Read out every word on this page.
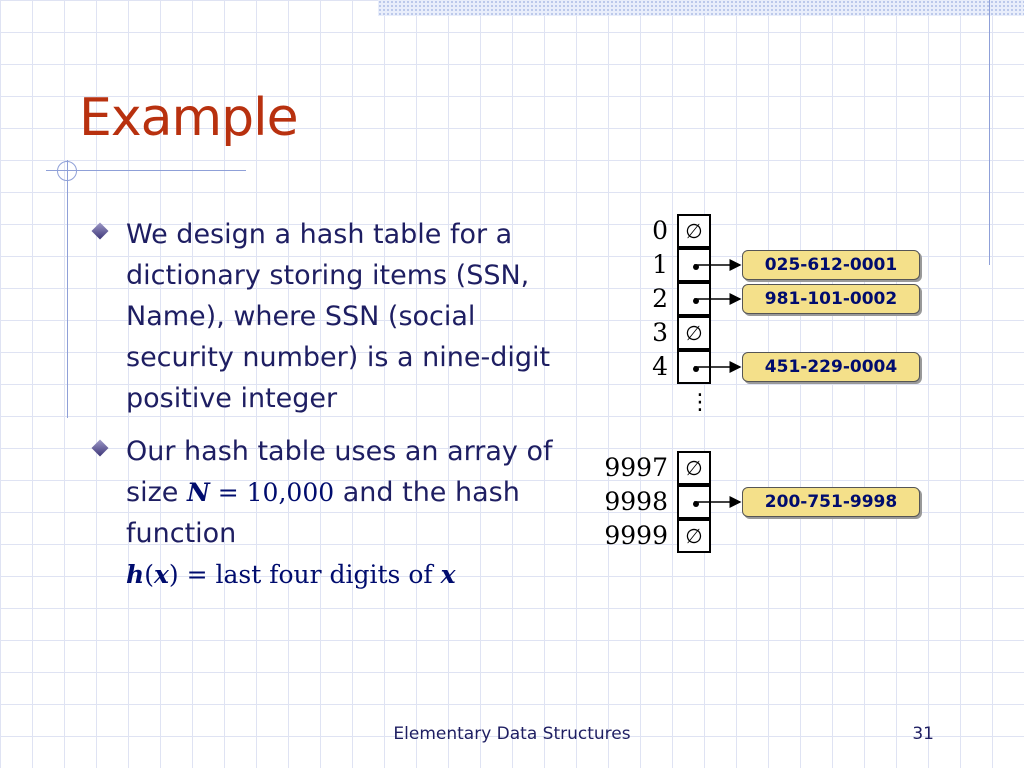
Example
We design a hash table for a dictionary storing items (SSN, Name), where SSN (social security number) is a nine-digit positive integer
Our hash table uses an array of size N = 10,000 and the hash function
h(x) = last four digits of x
0 ∅
1	025-612-0001
2	981-101-0002
3 ∅
4	451-229-0004
9997 ∅
9998	200-751-9998
9999 ∅
⋮
Elementary Data Structures	31
